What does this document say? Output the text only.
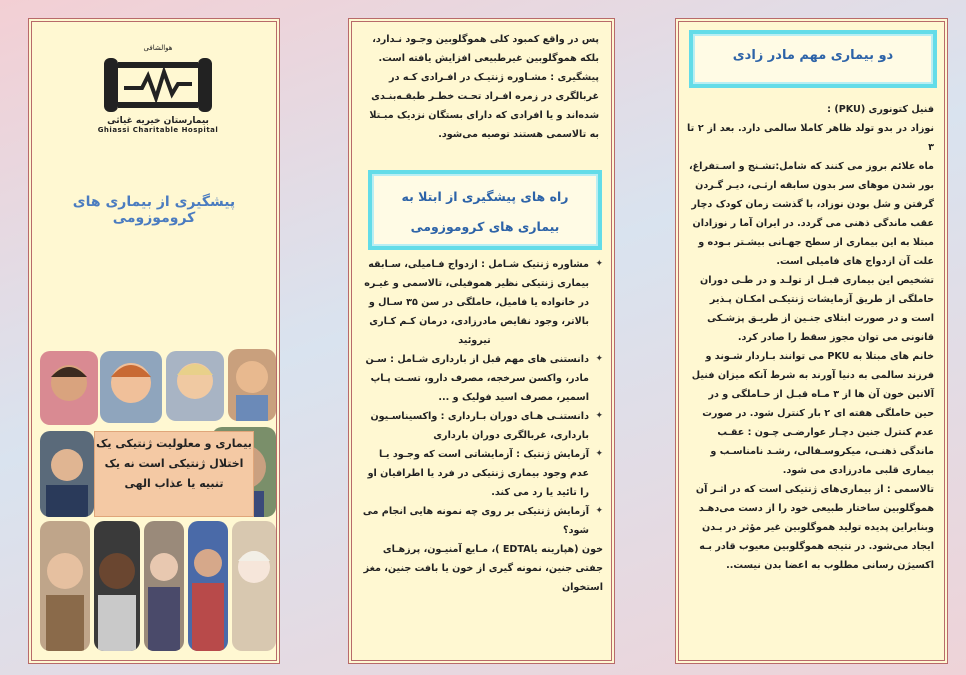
هوالشافی
بیمارستان خیریه غیاثی
Ghiassi Charitable Hospital
پیشگیری از بیماری های کروموزومی
بیماری و معلولیت ژنتیکی یک
اختلال ژنتیکی است نه یک
تنبیه یا عذاب الهی

پس در واقع کمبود کلی هموگلوبین وجـود نـدارد،

بلکه هموگلوبین غیرطبیعی افزایش یافته است.

پیشگیری : مشـاوره ژنتیـک در افـرادی کـه در

غربالگری در زمره افـراد تحـت خطـر طبقـه‌بنـدی

شده‌اند و یا افرادی که دارای بستگان نزدیک مبـتلا

به تالاسمی هستند توصیه می‌شود.

راه های پیشگیری از ابتلا به
بیماری های کروموزومی
✦ مشاوره ژنتیک شـامل : ازدواج فـامیلی، سـابقه
بیماری ژنتیکی نظیر هموفیلی، تالاسمی و غیـره
در خانواده یا فامیل، حاملگی در سن ۳۵ سـال و
بالاتر، وجود نقایص مادرزادی، درمان کـم کـاری
تیروئید
✦ دانستنی های مهم قبل از بارداری شـامل : سـن
مادر، واکسن سرخجه، مصرف دارو، تسـت پـاپ
اسمیر، مصرف اسید فولیک و ...
✦ دانستنـی هـای دوران بـارداری : واکسیناسـیون
بارداری، غربالگری دوران بارداری
✦ آزمایش ژنتیک : آزمایشاتی است که وجـود یـا
عدم وجود بیماری ژنتیکی در فرد یا اطرافیان او
را تائید یا رد می کند.
✦ آزمایش ژنتیکی بر روی چه نمونه هایی انجام می
شود؟

خون (هپارینه یاEDTA )، مـایع آمنیـون، پرزهـای

جفتی جنین، نمونه گیری از خون یا بافت جنین، مغز

استخوان

دو بیماری مهم مادر زادی

فنیل کتونوری (PKU) :

نوزاد در بدو تولد ظاهر کاملا سالمی دارد. بعد از ۲ تا ۳

ماه علائم بروز می کنند که شامل:تشـنج و اسـتفراغ،

بور شدن موهای سر بدون سابقه ارثـی، دیـر گـردن

گرفتن و شل بودن نوزاد، با گذشت زمان کودک دچار

عقب ماندگی ذهنی می گردد. در ایران آما ر نوزادان

مبتلا به این بیماری از سطح جهـانی بیشـتر بـوده و

علت آن ازدواج های فامیلی است.

تشخیص این بیماری قبـل از تولـد و در طـی دوران

حاملگی از طریق آزمایشات ژنتیکـی امکـان پـذیر

است و در صورت ابتلای جنـین از طریـق پزشـکی

قانونی می توان مجوز سقط را صادر کرد.

خانم های مبتلا به PKU می توانند بـاردار شـوند و

فرزند سالمی به دنیا آورند به شرط آنکه میزان فنیل

آلانین خون آن ها از ۳ مـاه قبـل از حـاملگی و در

حین حاملگی هفته ای ۲ بار کنترل شود. در صورت

عدم کنترل جنین دچـار عوارضـی چـون : عقـب

ماندگی ذهنـی، میکروسـفالی، رشـد نامناسـب و

بیماری قلبی مادرزادی می شود.

تالاسمی : از بیماری‌های ژنتیکی است که در اثـر آن

هموگلوبین ساختار طبیعی خود را از دست می‌دهـد

وبنابراین پدیده تولید هموگلوبین غیر مؤثر در بـدن

ایجاد می‌شود. در نتیجه هموگلوبین معیوب قادر بـه

اکسیژن رسانی مطلوب به اعضا بدن نیست..
